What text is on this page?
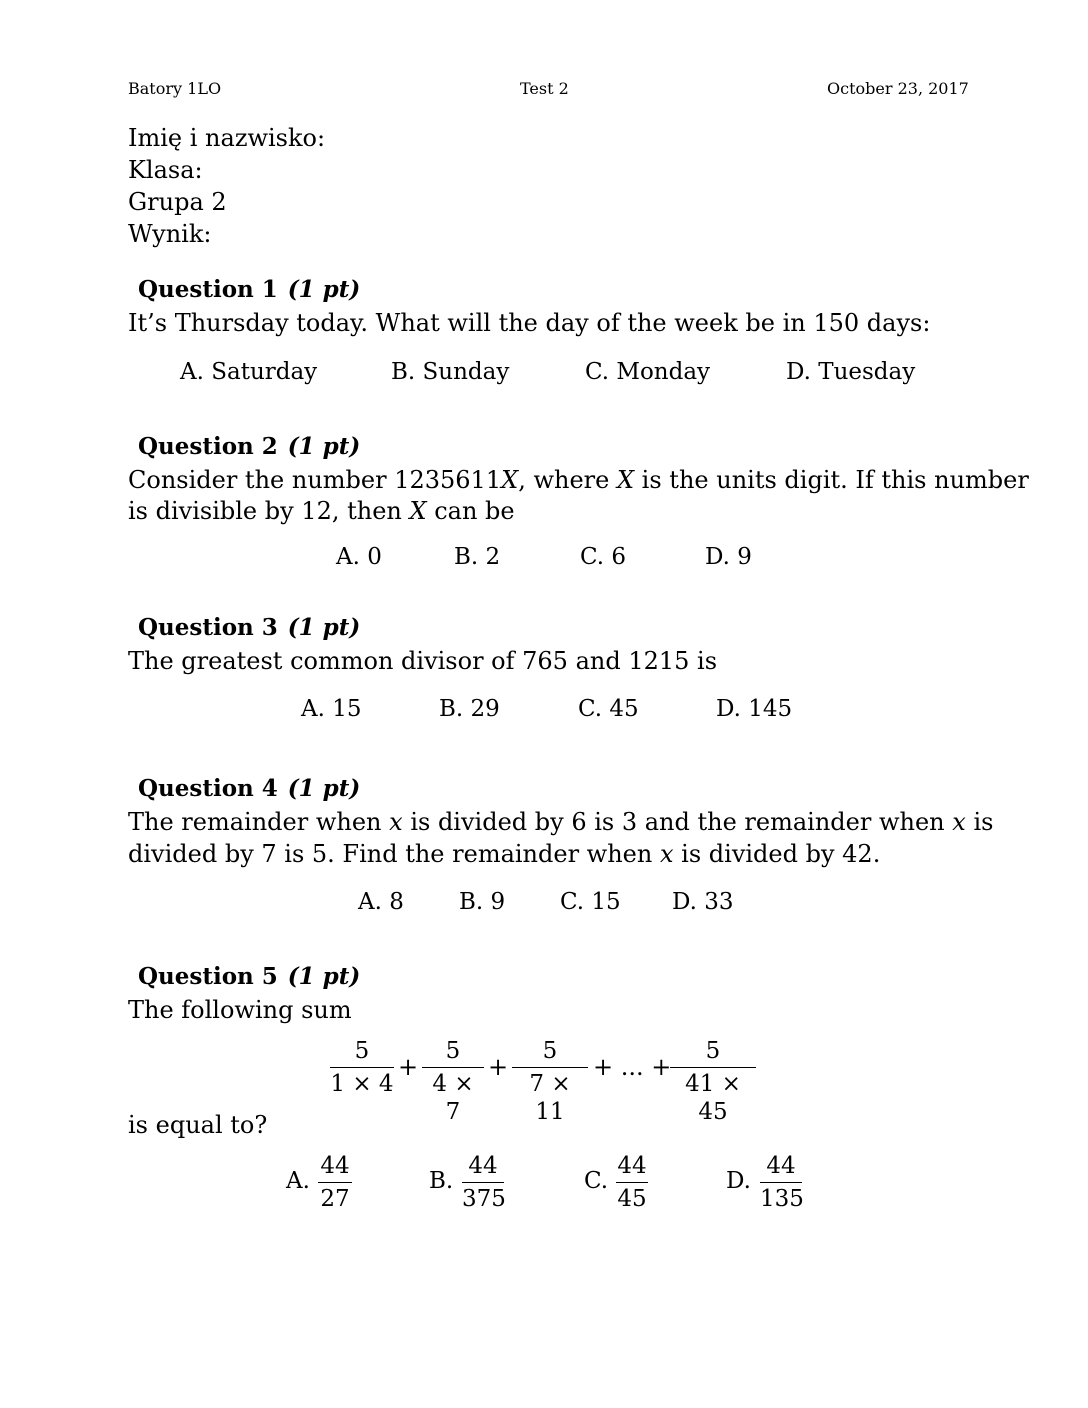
Batory 1LO	Test 2	October 23, 2017
Imię i nazwisko:
Klasa:
Grupa 2
Wynik:
Question 1 (1 pt)
It’s Thursday today. What will the day of the week be in 150 days:
A. Saturday	B. Sunday	C. Monday	D. Tuesday
Question 2 (1 pt)
Consider the number 1235611X, where X is the units digit. If this number
is divisible by 12, then X can be
A. 0	B. 2	C. 6	D. 9
Question 3 (1 pt)
The greatest common divisor of 765 and 1215 is
A. 15	B. 29	C. 45	D. 145
Question 4 (1 pt)
The remainder when x is divided by 6 is 3 and the remainder when x is
divided by 7 is 5. Find the remainder when x is divided by 42.
A. 8 B. 9 C. 15 D. 33
Question 5 (1 pt)
The following sum
5
1 × 4
+
5
4 × 7
+
5
7 × 11
+ ... +
5
41 × 45
is equal to?
A.
44
27
B.
44
375
C.
44
45
D.
44
135
